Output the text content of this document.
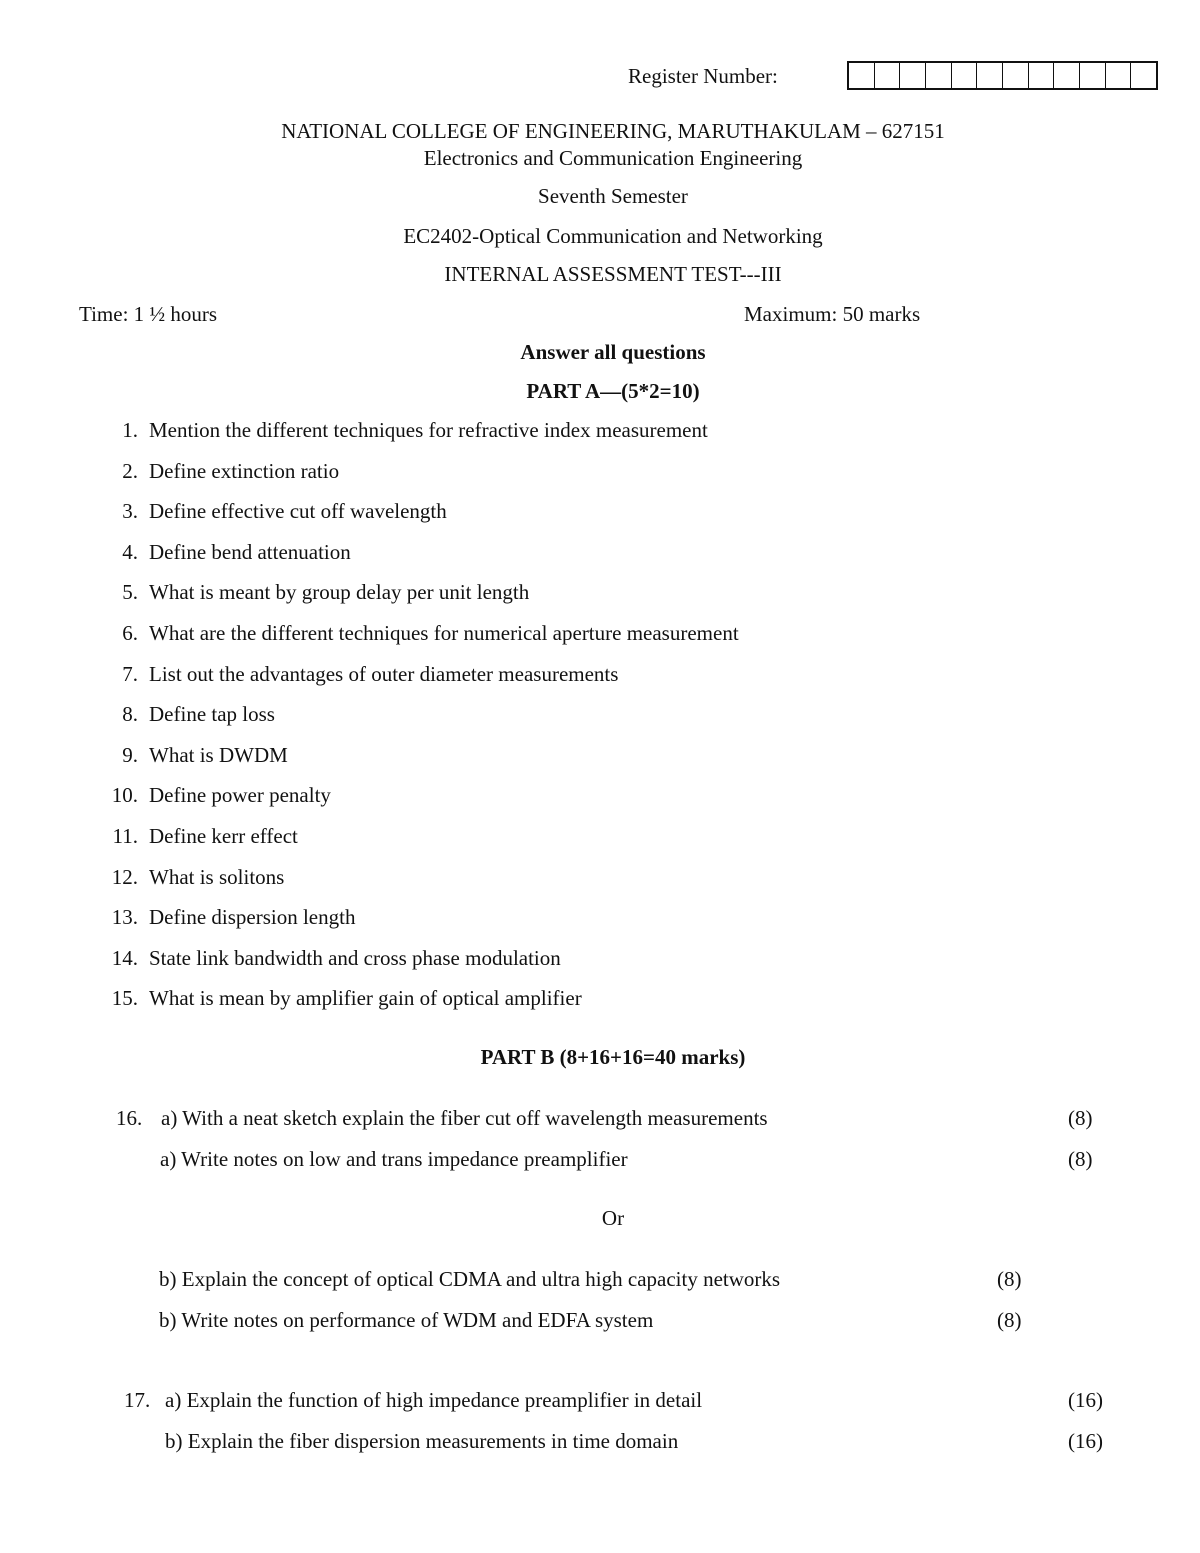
Register Number:
NATIONAL COLLEGE OF ENGINEERING, MARUTHAKULAM – 627151
Electronics and Communication Engineering
Seventh Semester
EC2402-Optical Communication and Networking
INTERNAL ASSESSMENT TEST---III
Time: 1 ½ hours	Maximum: 50 marks
Answer all questions
PART A—(5*2=10)
1. Mention the different techniques for refractive index measurement
2. Define extinction ratio
3. Define effective cut off wavelength
4. Define bend attenuation
5. What is meant by group delay per unit length
6. What are the different techniques for numerical aperture measurement
7. List out the advantages of outer diameter measurements
8. Define tap loss
9. What is DWDM
10. Define power penalty
11. Define kerr effect
12. What is solitons
13. Define dispersion length
14. State link bandwidth and cross phase modulation
15. What is mean by amplifier gain of optical amplifier
PART B (8+16+16=40 marks)
16. a) With a neat sketch explain the fiber cut off wavelength measurements	(8)
a) Write notes on low and trans impedance preamplifier	(8)
Or
b) Explain the concept of optical CDMA and ultra high capacity networks	(8)
b) Write notes on performance of WDM and EDFA system	(8)
17. a) Explain the function of high impedance preamplifier in detail	(16)
b) Explain the fiber dispersion measurements in time domain	(16)
